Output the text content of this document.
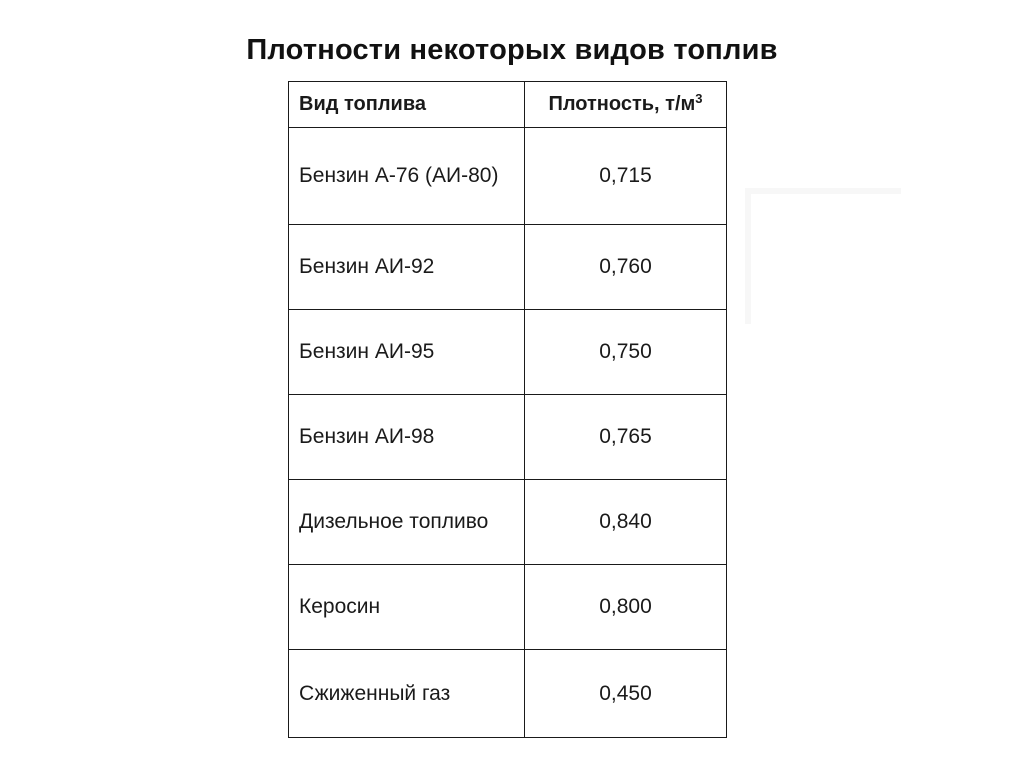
Плотности некоторых видов топлив
Вид топлива	Плотность, $т/м^3$
Бензин А-76 (АИ-80)	0,715
Бензин АИ-92	0,760
Бензин АИ-95	0,750
Бензин АИ-98	0,765
Дизельное топливо	0,840
Керосин	0,800
Сжиженный газ	0,450
